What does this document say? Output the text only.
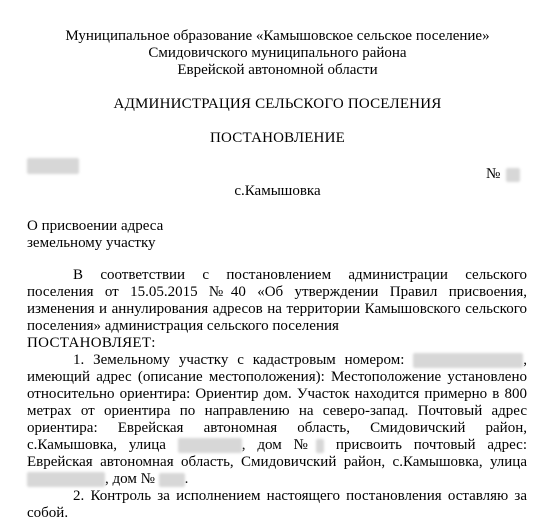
Муниципальное образование «Камышовское сельское поселение»
Смидовичского муниципального района
Еврейской автономной области
АДМИНИСТРАЦИЯ СЕЛЬСКОГО ПОСЕЛЕНИЯ
ПОСТАНОВЛЕНИЕ
№
с.Камышовка
О присвоении адреса
земельному участку

В соответствии с постановлением администрации сельского поселения от 15.05.2015 №40 «Об утверждении Правил присвоения, изменения и аннулирования адресов на территории Камышовского сельского поселения» администрация сельского поселения

ПОСТАНОВЛЯЕТ:

1. Земельному участку с кадастровым номером:	, имеющий адрес (описание местоположения): Местоположение установлено относительно ориентира: Ориентир дом. Участок находится примерно в 800 метрах от ориентира по направлению на северо-запад. Почтовый адрес ориентира: Еврейская автономная область, Смидовичский район, с.Камышовка, улица	, дом № присвоить почтовый адрес: Еврейская автономная область, Смидовичский район, с.Камышовка, улица , дом № .

2. Контроль за исполнением настоящего постановления оставляю за собой.
